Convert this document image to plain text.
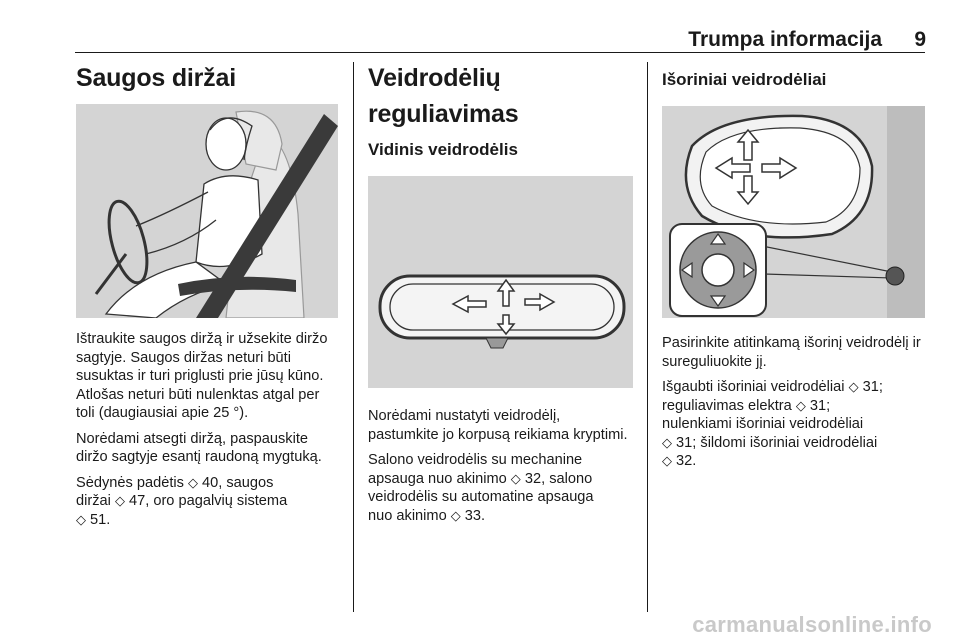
Trumpa informacija 9
Saugos diržai

Ištraukite saugos diržą ir užsekite diržo sagtyje. Saugos diržas neturi būti susuktas ir turi priglusti prie jūsų kūno. Atlošas neturi būti nulenktas atgal per toli (daugiausiai apie 25 °).

Norėdami atsegti diržą, paspauskite diržo sagtyje esantį raudoną mygtuką.

Sėdynės padėtis ◇ 40, saugos
diržai ◇ 47, oro pagalvių sistema
◇ 51.

Veidrodėlių reguliavimas
Vidinis veidrodėlis

Norėdami nustatyti veidrodėlį, pastumkite jo korpusą reikiama kryptimi.

Salono veidrodėlis su mechanine
apsauga nuo akinimo ◇ 32, salono
veidrodėlis su automatine apsauga
nuo akinimo ◇ 33.

Išoriniai veidrodėliai

Pasirinkite atitinkamą išorinį veidrodėlį ir sureguliuokite jį.

Išgaubti išoriniai veidrodėliai ◇ 31;
reguliavimas elektra ◇ 31;
nulenkiami išoriniai veidrodėliai
◇ 31; šildomi išoriniai veidrodėliai
◇ 32.

carmanualsonline.info
